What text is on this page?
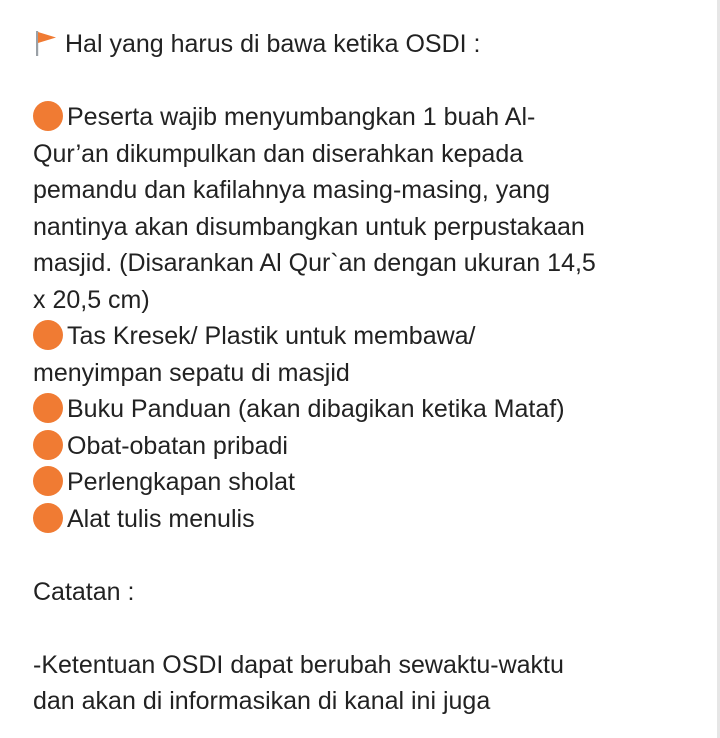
Hal yang harus di bawa ketika OSDI :
Peserta wajib menyumbangkan 1 buah Al-
Qur’an dikumpulkan dan diserahkan kepada
pemandu dan kafilahnya masing-masing, yang
nantinya akan disumbangkan untuk perpustakaan
masjid. (Disarankan Al Qur`an dengan ukuran 14,5
x 20,5 cm)
Tas Kresek/ Plastik untuk membawa/
menyimpan sepatu di masjid
Buku Panduan (akan dibagikan ketika Mataf)
Obat-obatan pribadi
Perlengkapan sholat
Alat tulis menulis
Catatan :
-Ketentuan OSDI dapat berubah sewaktu-waktu
dan akan di informasikan di kanal ini juga
